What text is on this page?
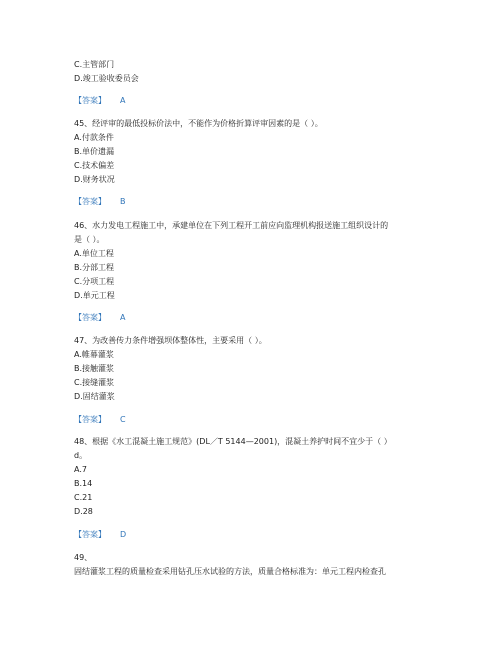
C.主管部门
D.竣工验收委员会
【答案】 A
45、经评审的最低投标价法中，不能作为价格折算评审因素的是（ ）。
A.付款条件
B.单价遗漏
C.技术偏差
D.财务状况
【答案】 B
46、水力发电工程施工中，承建单位在下列工程开工前应向监理机构报送施工组织设计的
是（ ）。
A.单位工程
B.分部工程
C.分项工程
D.单元工程
【答案】 A
47、为改善传力条件增强坝体整体性，主要采用（ ）。
A.帷幕灌浆
B.接触灌浆
C.接缝灌浆
D.固结灌浆
【答案】 C
48、根据《水工混凝土施工规范》(DL／T 5144—2001)，混凝土养护时间不宜少于（ ）
d。
A.7
B.14
C.21
D.28
【答案】 D
49、
固结灌浆工程的质量检查采用钻孔压水试验的方法，质量合格标准为：单元工程内检查孔
